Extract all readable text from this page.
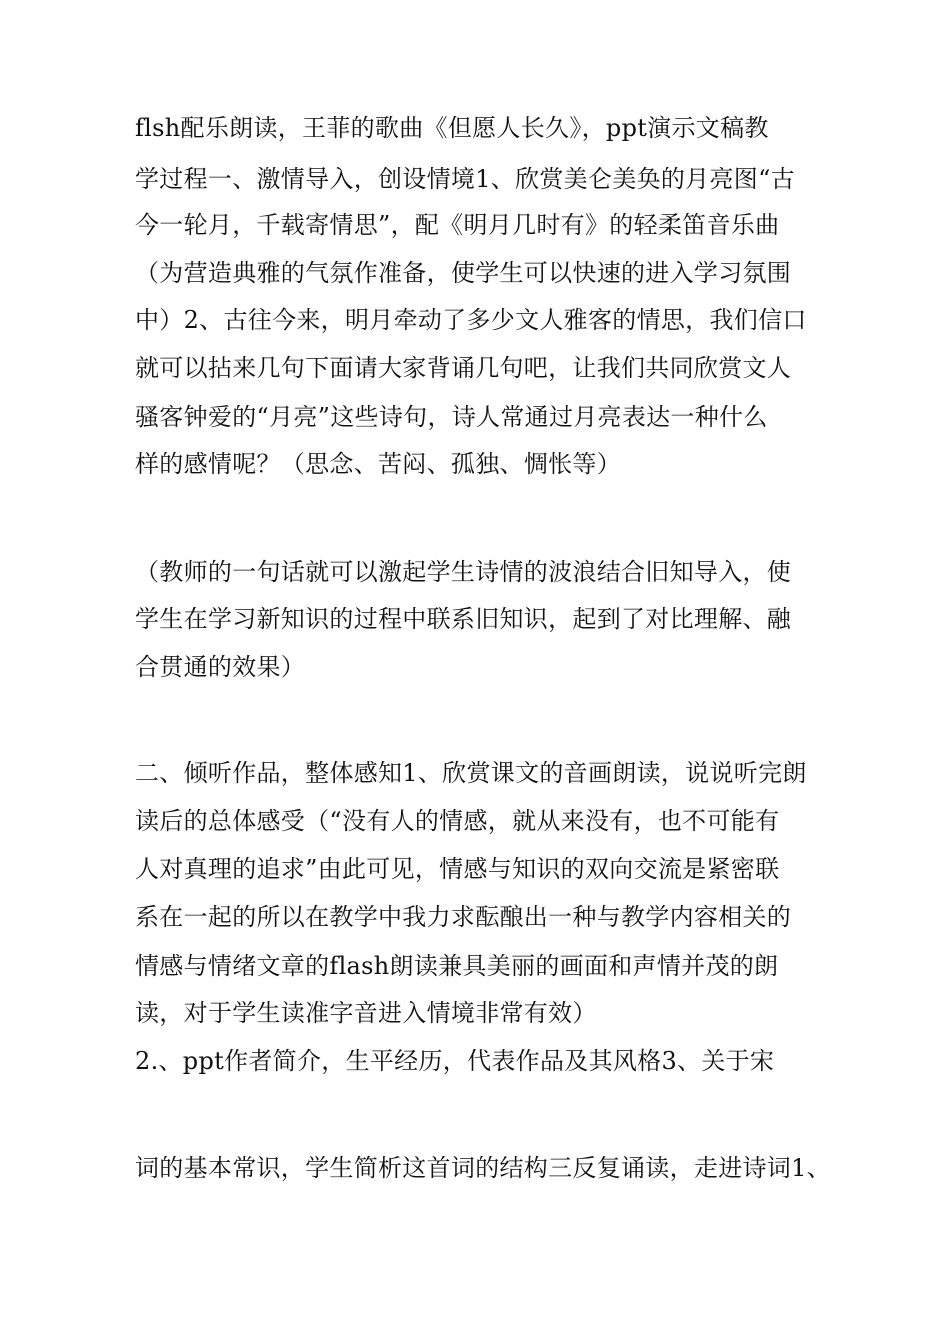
flsh配乐朗读，王菲的歌曲《但愿人长久》，ppt演示文稿教
学过程一、激情导入，创设情境1、欣赏美仑美奂的月亮图“古
今一轮月，千载寄情思”，配《明月几时有》的轻柔笛音乐曲
（为营造典雅的气氛作准备，使学生可以快速的进入学习氛围
中）2、古往今来，明月牵动了多少文人雅客的情思，我们信口
就可以拈来几句下面请大家背诵几句吧，让我们共同欣赏文人
骚客钟爱的“月亮”这些诗句，诗人常通过月亮表达一种什么
样的感情呢？（思念、苦闷、孤独、惆怅等）
（教师的一句话就可以激起学生诗情的波浪结合旧知导入，使
学生在学习新知识的过程中联系旧知识，起到了对比理解、融
合贯通的效果）
二、倾听作品，整体感知1、欣赏课文的音画朗读，说说听完朗
读后的总体感受（“没有人的情感，就从来没有，也不可能有
人对真理的追求”由此可见，情感与知识的双向交流是紧密联
系在一起的所以在教学中我力求酝酿出一种与教学内容相关的
情感与情绪文章的flash朗读兼具美丽的画面和声情并茂的朗
读，对于学生读准字音进入情境非常有效）
2.、ppt作者简介，生平经历，代表作品及其风格3、关于宋
词的基本常识，学生简析这首词的结构三反复诵读，走进诗词1、
